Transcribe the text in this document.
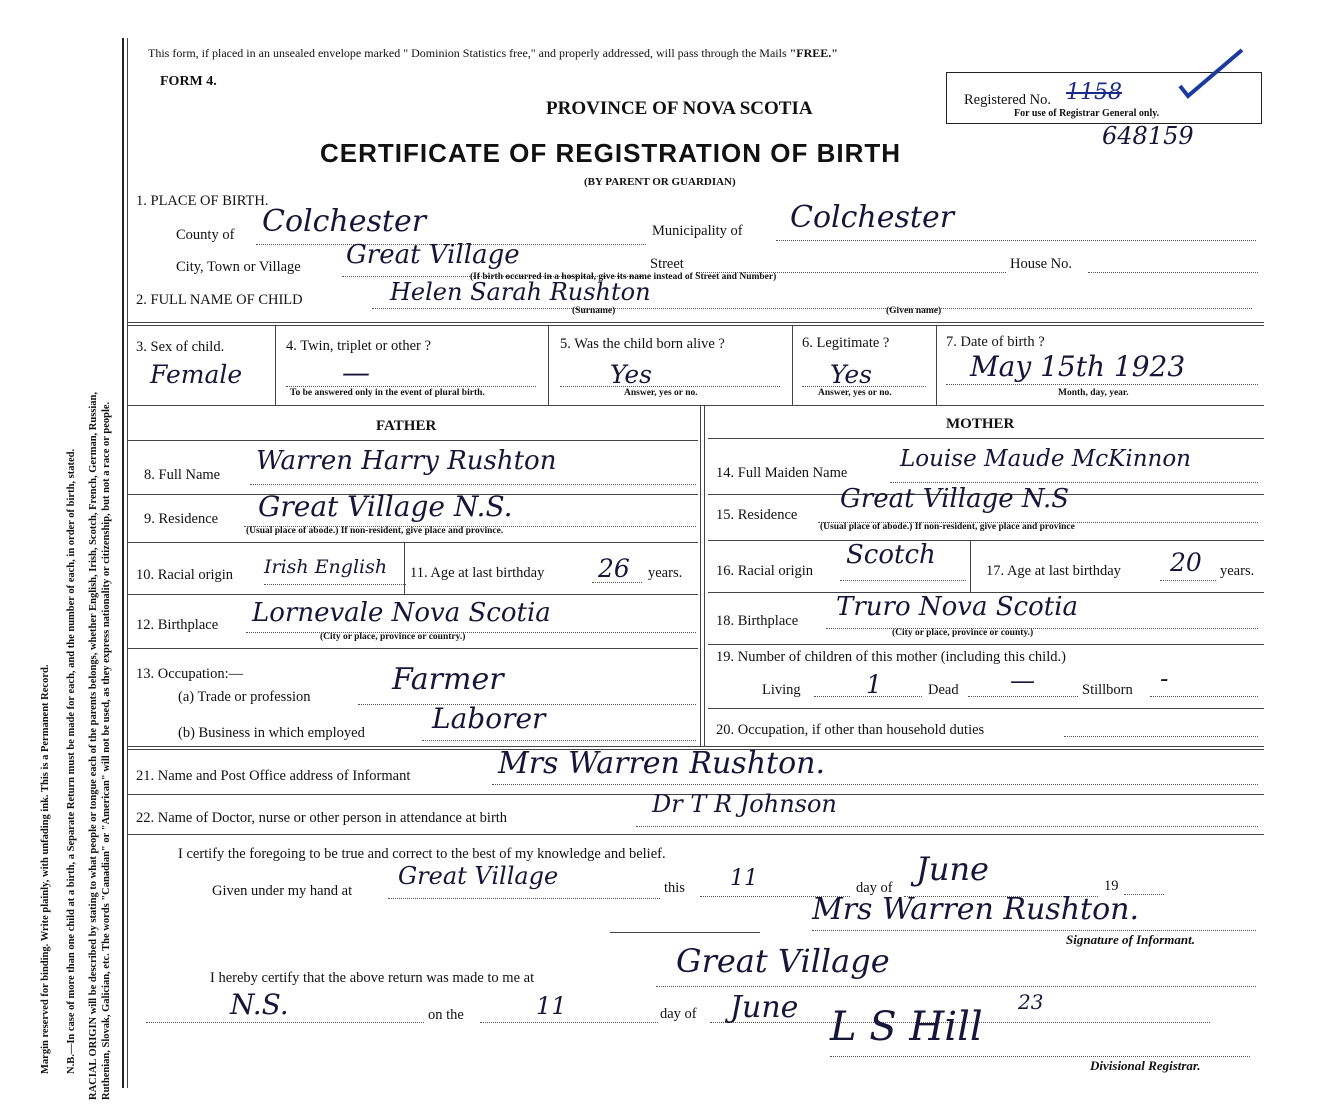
RACIAL ORIGIN will be described by stating to what people or tongue each of the parents belongs, whether English, Irish, Scotch, French, German, Russian, Ruthenian, Slovak, Galician, etc. The words "Canadian" or "American" will not be used, as they express nationality or citizenship, but not a race or people.
N.B.—In case of more than one child at a birth, a Separate Return must be made for each, and the number of each, in order of birth, stated.
Margin reserved for binding. Write plainly, with unfading ink. This is a Permanent Record.
This form, if placed in an unsealed envelope marked " Dominion Statistics free," and properly addressed, will pass through the Mails "FREE."
FORM 4.
PROVINCE OF NOVA SCOTIA
CERTIFICATE OF REGISTRATION OF BIRTH
(BY PARENT OR GUARDIAN)
Registered No. 1158
For use of Registrar General only.
648159
1. PLACE OF BIRTH.
County of Colchester	Municipality of Colchester
City, Town or Village Great Village	Street	House No.
(If birth occurred in a hospital, give its name instead of Street and Number)
2. FULL NAME OF CHILD	Helen Sarah Rushton
(Surname)	(Given name)
3. Sex of child.
Female
4. Twin, triplet or other ?
—
To be answered only in the event of plural birth.
5. Was the child born alive ?
Yes
Answer, yes or no.
6. Legitimate ?
Yes
Answer, yes or no.
7. Date of birth ?
May 15th 1923
Month, day, year.
FATHER	MOTHER
8. Full Name Warren Harry Rushton
9. Residence Great Village N.S.
(Usual place of abode.) If non-resident, give place and province.
10. Racial origin Irish English 11. Age at last birthday 26 years.
12. Birthplace Lornevale Nova Scotia
(City or place, province or country.)
13. Occupation:—
(a) Trade or profession	Farmer
(b) Business in which employed Laborer
14. Full Maiden Name
Louise Maude McKinnon
15. Residence
Great Village N.S
(Usual place of abode.) If non-resident, give place and province
16. Racial origin
Scotch
17. Age at last birthday 20 years.
18. Birthplace Truro Nova Scotia
(City or place, province or county.)
19. Number of children of this mother (including this child.)
Living	1	Dead —	Stillborn -
20. Occupation, if other than household duties
21. Name and Post Office address of Informant	Mrs Warren Rushton.
22. Name of Doctor, nurse or other person in attendance at birth	Dr T R Johnson
I certify the foregoing to be true and correct to the best of my knowledge and belief.
Given under my hand at
Great Village	this 11	day of June	19
Mrs Warren Rushton.
Signature of Informant.
I hereby certify that the above return was made to me at	Great Village
N.S.	on the	11	day of June	23
L S Hill
Divisional Registrar.
